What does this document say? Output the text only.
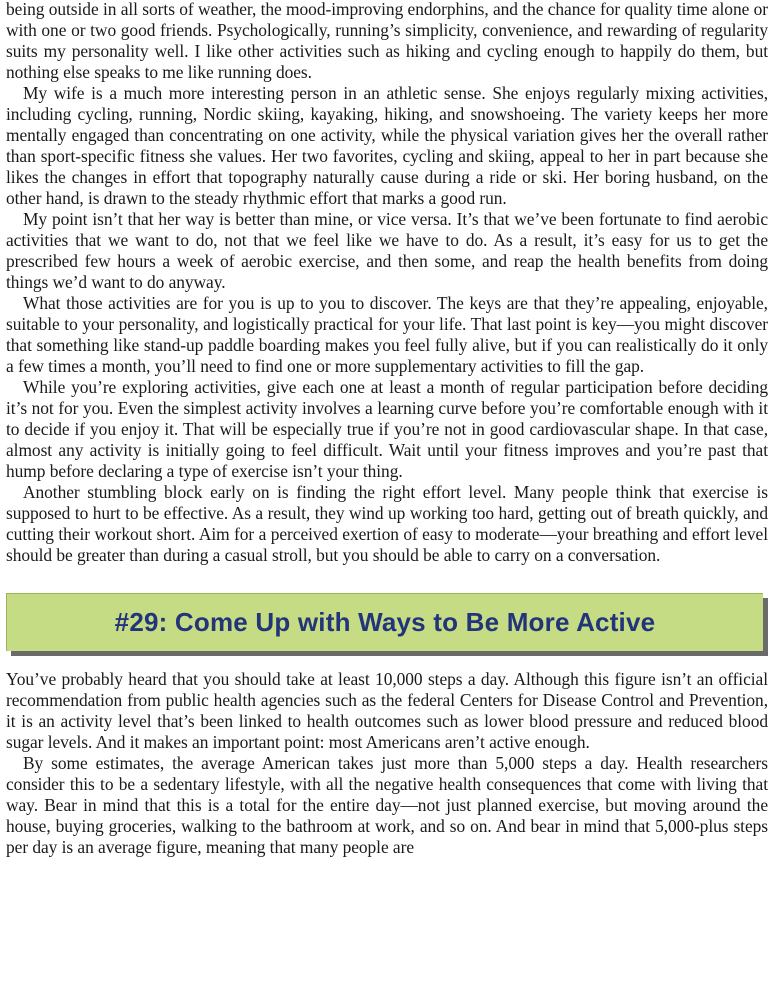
being outside in all sorts of weather, the mood-improving endorphins, and the chance for quality time alone or with one or two good friends. Psychologically, running’s simplicity, convenience, and rewarding of regularity suits my personality well. I like other activities such as hiking and cycling enough to happily do them, but nothing else speaks to me like running does.

My wife is a much more interesting person in an athletic sense. She enjoys regularly mixing activities, including cycling, running, Nordic skiing, kayaking, hiking, and snowshoeing. The variety keeps her more mentally engaged than concentrating on one activity, while the physical variation gives her the overall rather than sport-specific fitness she values. Her two favorites, cycling and skiing, appeal to her in part because she likes the changes in effort that topography naturally cause during a ride or ski. Her boring husband, on the other hand, is drawn to the steady rhythmic effort that marks a good run.

My point isn’t that her way is better than mine, or vice versa. It’s that we’ve been fortunate to find aerobic activities that we want to do, not that we feel like we have to do. As a result, it’s easy for us to get the prescribed few hours a week of aerobic exercise, and then some, and reap the health benefits from doing things we’d want to do anyway.

What those activities are for you is up to you to discover. The keys are that they’re appealing, enjoyable, suitable to your personality, and logistically practical for your life. That last point is key—you might discover that something like stand-up paddle boarding makes you feel fully alive, but if you can realistically do it only a few times a month, you’ll need to find one or more supplementary activities to fill the gap.

While you’re exploring activities, give each one at least a month of regular participation before deciding it’s not for you. Even the simplest activity involves a learning curve before you’re comfortable enough with it to decide if you enjoy it. That will be especially true if you’re not in good cardiovascular shape. In that case, almost any activity is initially going to feel difficult. Wait until your fitness improves and you’re past that hump before declaring a type of exercise isn’t your thing.

Another stumbling block early on is finding the right effort level. Many people think that exercise is supposed to hurt to be effective. As a result, they wind up working too hard, getting out of breath quickly, and cutting their workout short. Aim for a perceived exertion of easy to moderate—your breathing and effort level should be greater than during a casual stroll, but you should be able to carry on a conversation.

#29: Come Up with Ways to Be More Active

You’ve probably heard that you should take at least 10,000 steps a day. Although this figure isn’t an official recommendation from public health agencies such as the federal Centers for Disease Control and Prevention, it is an activity level that’s been linked to health outcomes such as lower blood pressure and reduced blood sugar levels. And it makes an important point: most Americans aren’t active enough.

By some estimates, the average American takes just more than 5,000 steps a day. Health researchers consider this to be a sedentary lifestyle, with all the negative health consequences that come with living that way. Bear in mind that this is a total for the entire day—not just planned exercise, but moving around the house, buying groceries, walking to the bathroom at work, and so on. And bear in mind that 5,000-plus steps per day is an average figure, meaning that many people are
